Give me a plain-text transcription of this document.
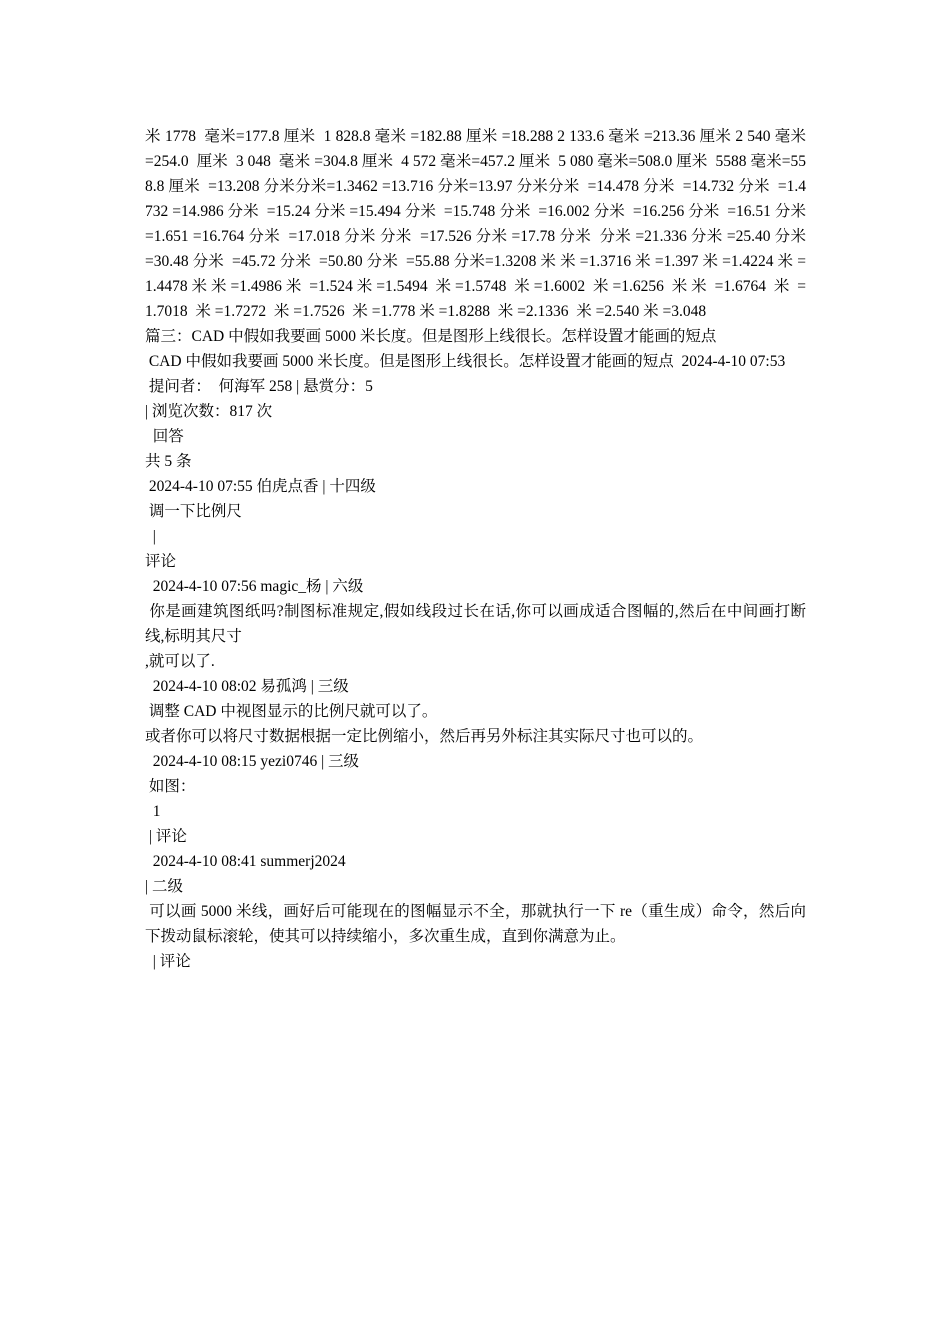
米 1778  毫米=177.8 厘米  1 828.8 毫米 =182.88 厘米 =18.288 2 133.6 毫米 =213.36 厘米 2 540 毫米 =254.0  厘米  3 048  毫米 =304.8 厘米  4 572 毫米=457.2 厘米  5 080 毫米=508.0 厘米  5588 毫米=558.8 厘米  =13.208 分米分米=1.3462 =13.716 分米=13.97 分米分米  =14.478 分米  =14.732 分米  =1.4732 =14.986 分米  =15.24 分米 =15.494 分米  =15.748 分米  =16.002 分米  =16.256 分米  =16.51 分米  =1.651 =16.764 分米  =17.018 分米 分米  =17.526 分米 =17.78 分米  分米 =21.336 分米 =25.40 分米  =30.48 分米  =45.72 分米  =50.80 分米  =55.88 分米=1.3208 米 米 =1.3716 米 =1.397 米 =1.4224 米 =1.4478 米 米 =1.4986 米  =1.524 米 =1.5494  米 =1.5748  米 =1.6002  米 =1.6256  米 米  =1.6764  米  =1.7018  米 =1.7272  米 =1.7526  米 =1.778 米 =1.8288  米 =2.1336  米 =2.540 米 =3.048

篇三：CAD 中假如我要画 5000 米长度。但是图形上线很长。怎样设置才能画的短点

CAD 中假如我要画 5000 米长度。但是图形上线很长。怎样设置才能画的短点  2024-4-10 07:53

提问者：  何海军 258 | 悬赏分：5
| 浏览次数：817 次
回答
共 5 条
2024-4-10 07:55 伯虎点香 | 十四级
调一下比例尺
|
评论
2024-4-10 07:56 magic_杨 | 六级

你是画建筑图纸吗?制图标准规定,假如线段过长在话,你可以画成适合图幅的,然后在中间画打断线,标明其尺寸

,就可以了.
2024-4-10 08:02 易孤鸿 | 三级
调整 CAD 中视图显示的比例尺就可以了。
或者你可以将尺寸数据根据一定比例缩小，然后再另外标注其实际尺寸也可以的。
2024-4-10 08:15 yezi0746 | 三级
如图：
1
| 评论
2024-4-10 08:41 summerj2024
| 二级

可以画 5000 米线，画好后可能现在的图幅显示不全，那就执行一下 re（重生成）命令，然后向下拨动鼠标滚轮，使其可以持续缩小，多次重生成，直到你满意为止。

| 评论
